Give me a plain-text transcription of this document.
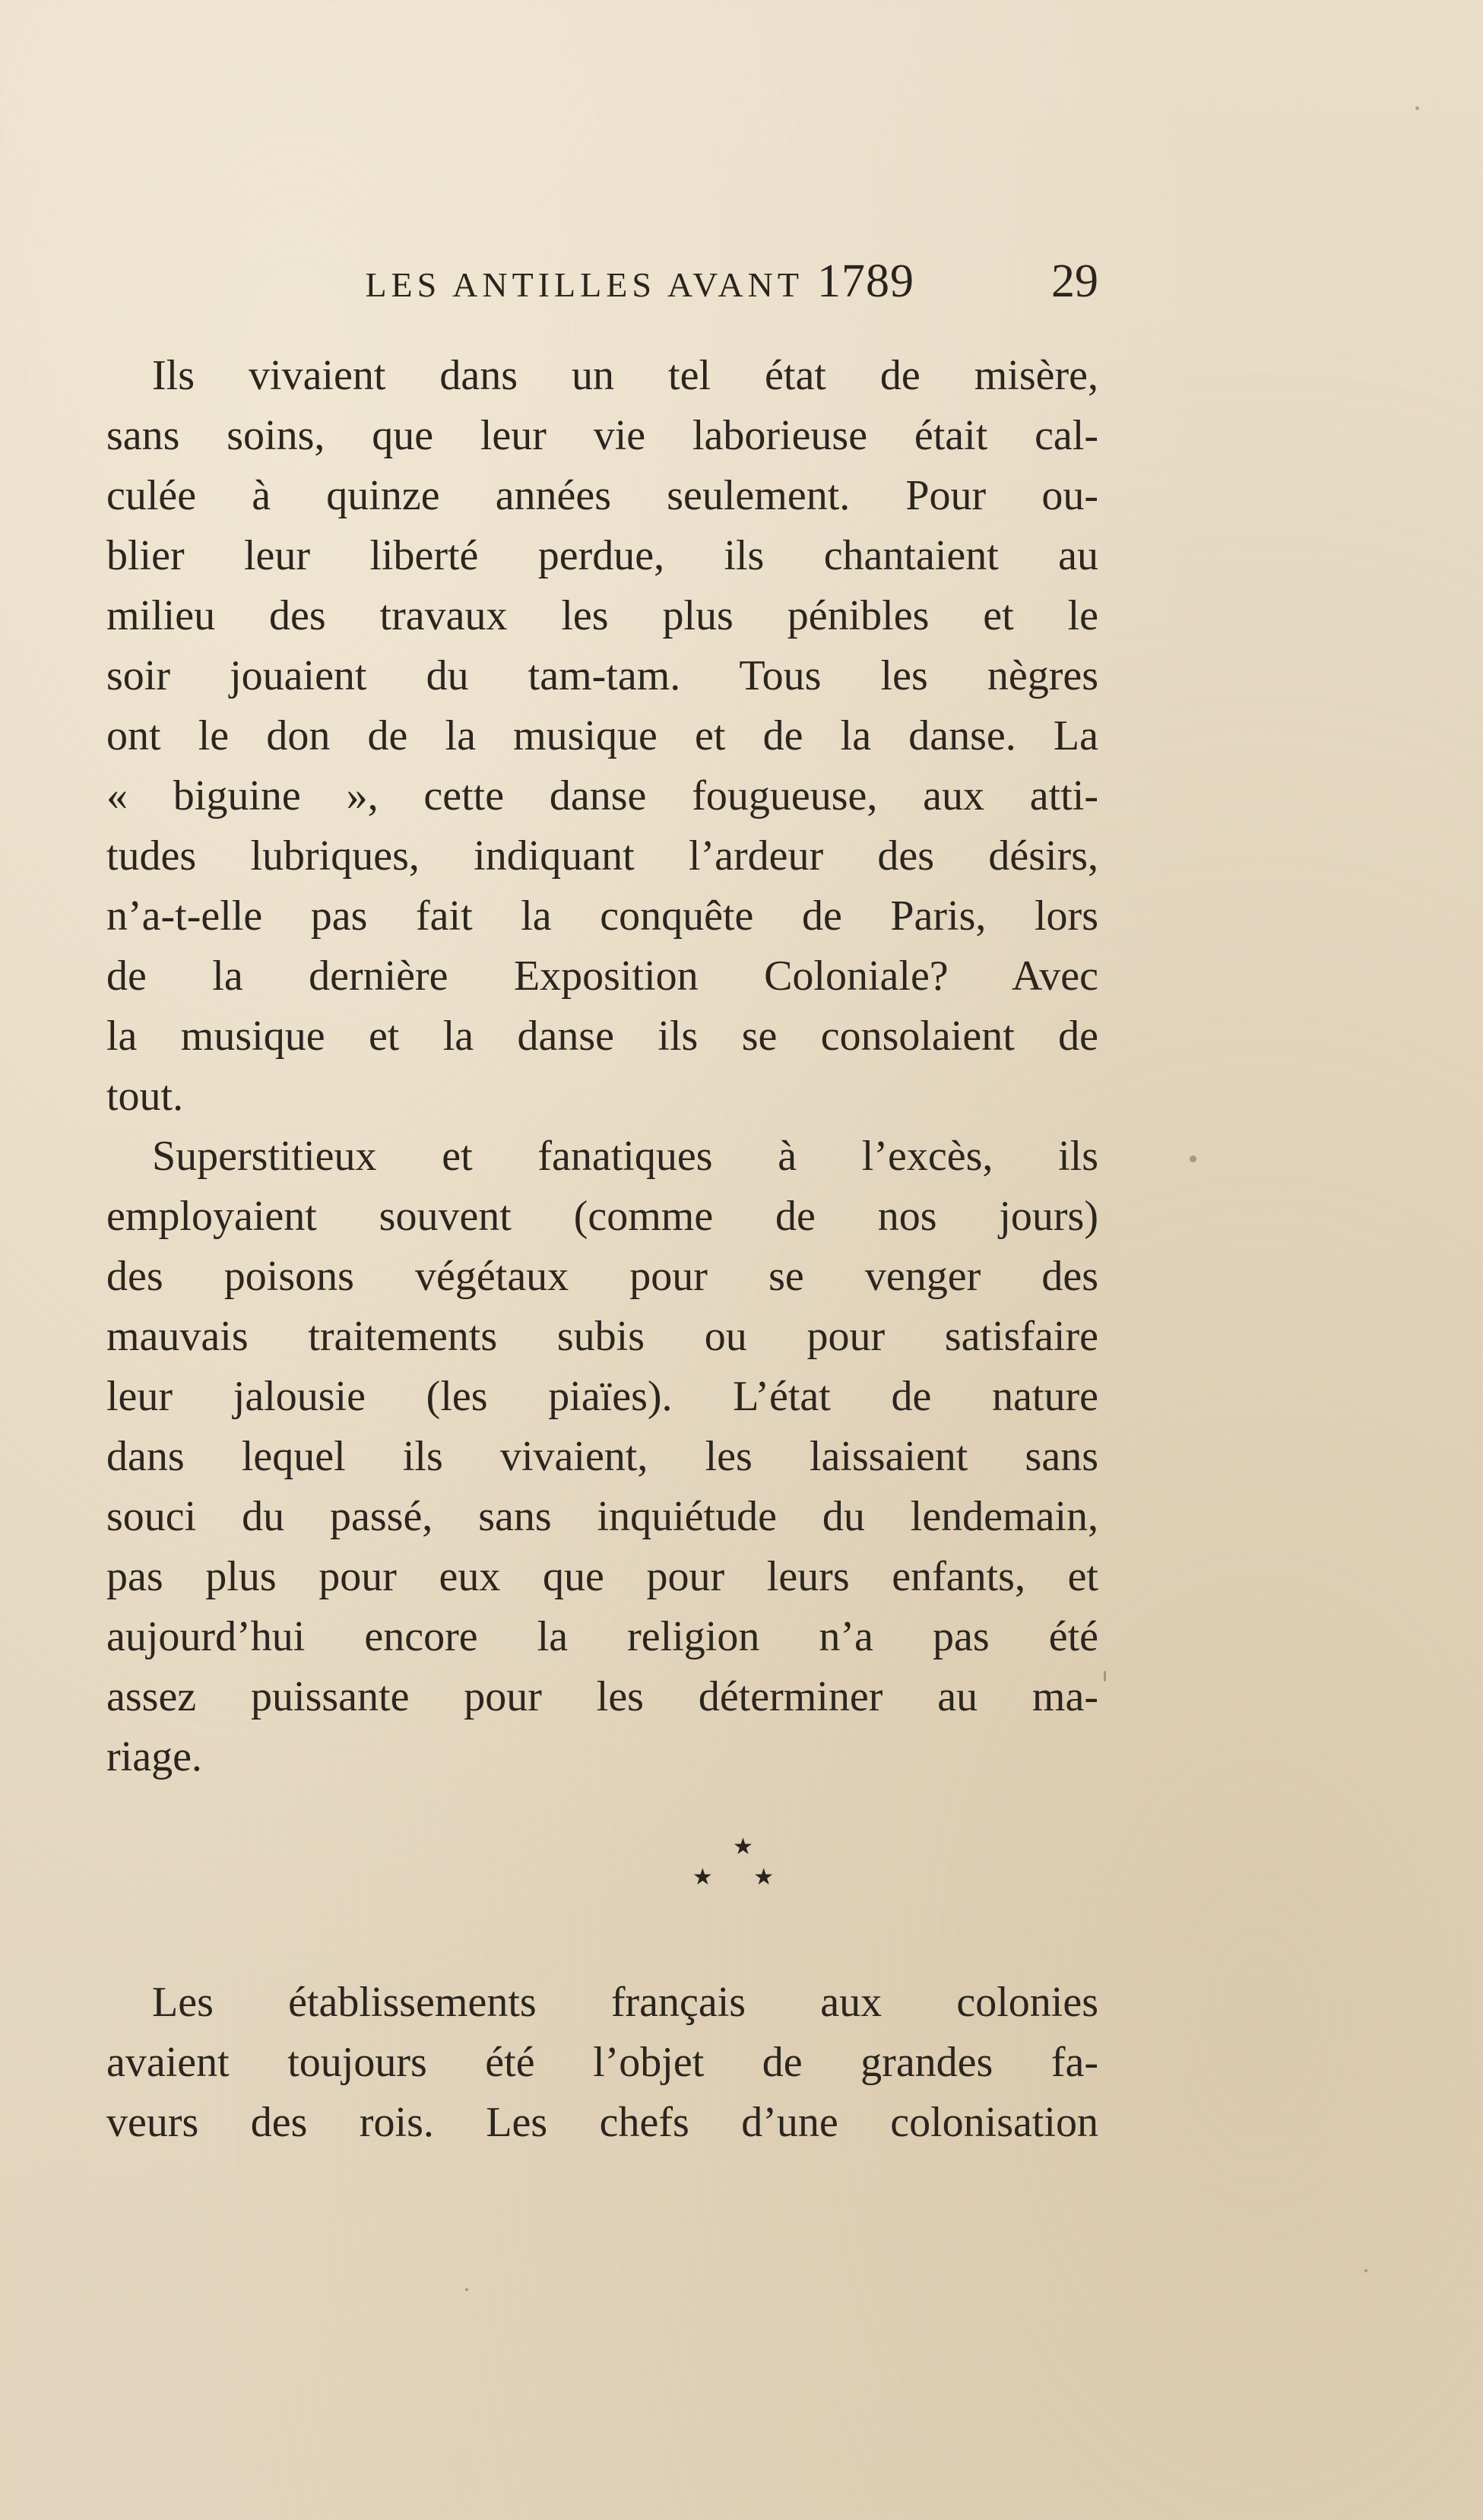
LES ANTILLES AVANT 1789	29

Ils vivaient dans un tel état de misère,
sans soins, que leur vie laborieuse était cal-
culée à quinze années seulement. Pour ou-
blier leur liberté perdue, ils chantaient au
milieu des travaux les plus pénibles et le
soir jouaient du tam-tam. Tous les nègres
ont le don de la musique et de la danse. La
« biguine », cette danse fougueuse, aux atti-
tudes lubriques, indiquant l’ardeur des désirs,
n’a-t-elle pas fait la conquête de Paris, lors
de la dernière Exposition Coloniale? Avec
la musique et la danse ils se consolaient de
tout.

Superstitieux et fanatiques à l’excès, ils
employaient souvent (comme de nos jours)
des poisons végétaux pour se venger des
mauvais traitements subis ou pour satisfaire
leur jalousie (les piaïes). L’état de nature
dans lequel ils vivaient, les laissaient sans
souci du passé, sans inquiétude du lendemain,
pas plus pour eux que pour leurs enfants, et
aujourd’hui encore la religion n’a pas été
assez puissante pour les déterminer au ma-
riage.

★
★ ★

Les établissements français aux colonies
avaient toujours été l’objet de grandes fa-
veurs des rois. Les chefs d’une colonisation
